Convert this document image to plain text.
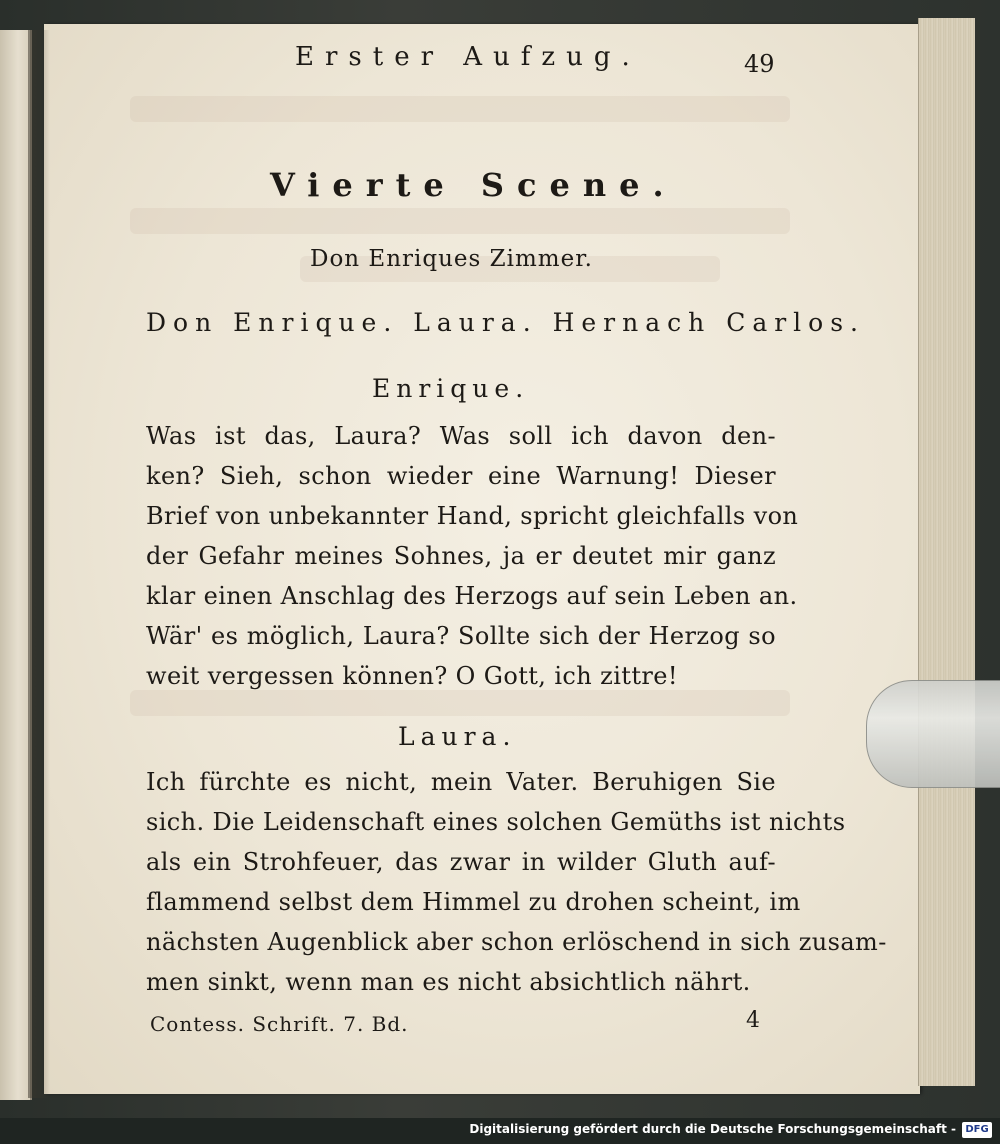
Erster Aufzug.	49
Vierte Scene.
Don Enriques Zimmer.
Don Enrique. Laura. Hernach Carlos.
Enrique.
Was ist das, Laura? Was soll ich davon den-
ken? Sieh, schon wieder eine Warnung! Dieser
Brief von unbekannter Hand, spricht gleichfalls von
der Gefahr meines Sohnes, ja er deutet mir ganz
klar einen Anschlag des Herzogs auf sein Leben an.
Wär' es möglich, Laura? Sollte sich der Herzog so
weit vergessen können? O Gott, ich zittre!
Laura.
Ich fürchte es nicht, mein Vater. Beruhigen Sie
sich. Die Leidenschaft eines solchen Gemüths ist nichts
als ein Strohfeuer, das zwar in wilder Gluth auf-
flammend selbst dem Himmel zu drohen scheint, im
nächsten Augenblick aber schon erlöschend in sich zusam-
men sinkt, wenn man es nicht absichtlich nährt.
Contess. Schrift. 7. Bd.	4
Digitalisierung gefördert durch die Deutsche Forschungsgemeinschaft - DFG
